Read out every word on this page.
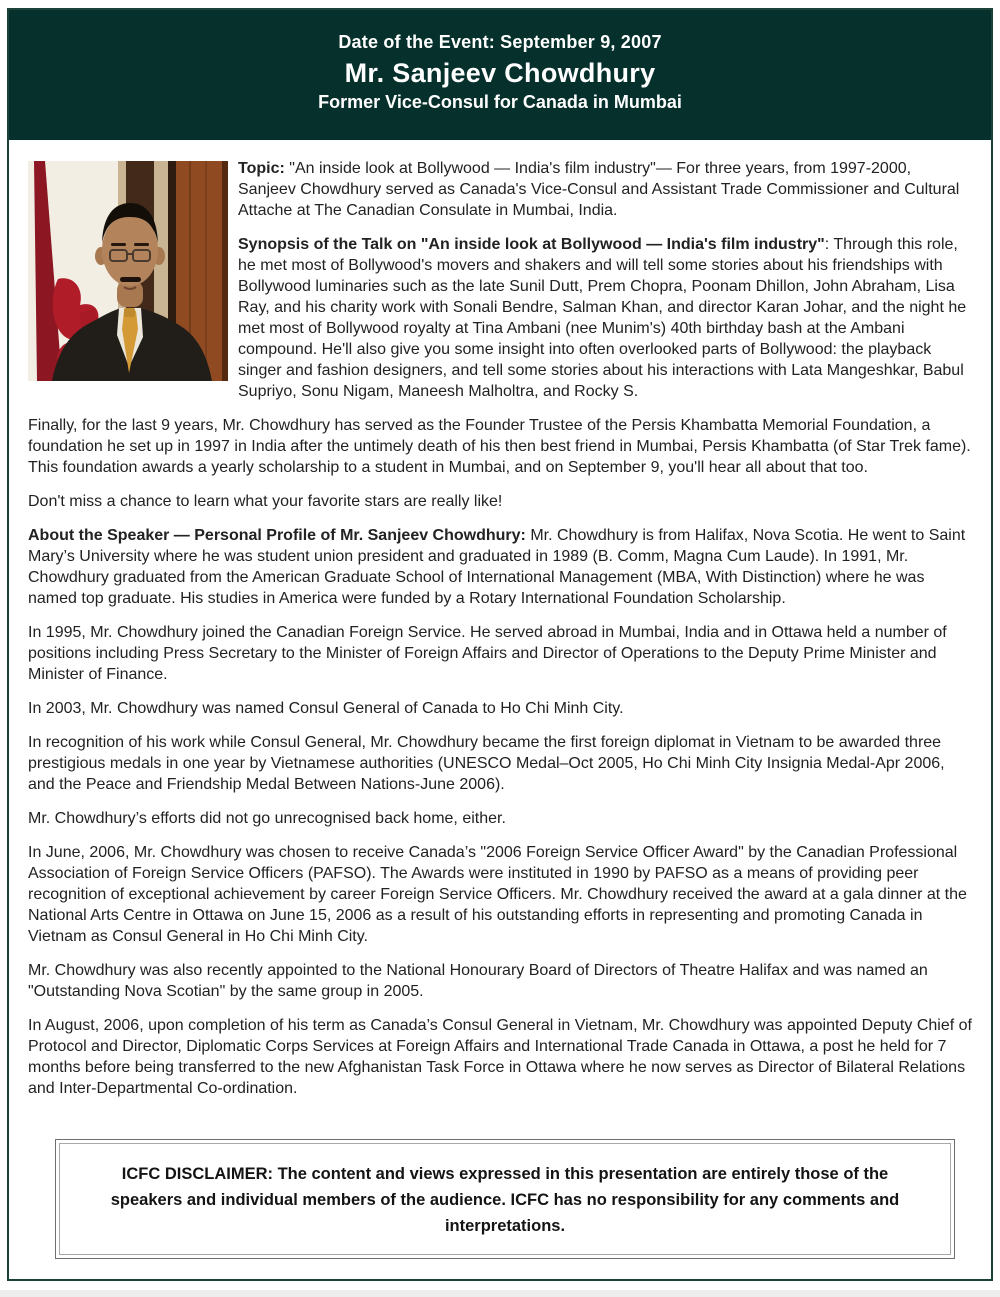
Date of the Event: September 9, 2007
Mr. Sanjeev Chowdhury
Former Vice-Consul for Canada in Mumbai

Topic: "An inside look at Bollywood — India's film industry"— For three years, from 1997-2000, Sanjeev Chowdhury served as Canada's Vice-Consul and Assistant Trade Commissioner and Cultural Attache at The Canadian Consulate in Mumbai, India.

Synopsis of the Talk on "An inside look at Bollywood — India's film industry": Through this role, he met most of Bollywood's movers and shakers and will tell some stories about his friendships with Bollywood luminaries such as the late Sunil Dutt, Prem Chopra, Poonam Dhillon, John Abraham, Lisa Ray, and his charity work with Sonali Bendre, Salman Khan, and director Karan Johar, and the night he met most of Bollywood royalty at Tina Ambani (nee Munim's) 40th birthday bash at the Ambani compound. He'll also give you some insight into often overlooked parts of Bollywood: the playback singer and fashion designers, and tell some stories about his interactions with Lata Mangeshkar, Babul Supriyo, Sonu Nigam, Maneesh Malholtra, and Rocky S.

Finally, for the last 9 years, Mr. Chowdhury has served as the Founder Trustee of the Persis Khambatta Memorial Foundation, a foundation he set up in 1997 in India after the untimely death of his then best friend in Mumbai, Persis Khambatta (of Star Trek fame). This foundation awards a yearly scholarship to a student in Mumbai, and on September 9, you'll hear all about that too.

Don't miss a chance to learn what your favorite stars are really like!

About the Speaker — Personal Profile of Mr. Sanjeev Chowdhury: Mr. Chowdhury is from Halifax, Nova Scotia. He went to Saint Mary’s University where he was student union president and graduated in 1989 (B. Comm, Magna Cum Laude). In 1991, Mr. Chowdhury graduated from the American Graduate School of International Management (MBA, With Distinction) where he was named top graduate. His studies in America were funded by a Rotary International Foundation Scholarship.

In 1995, Mr. Chowdhury joined the Canadian Foreign Service. He served abroad in Mumbai, India and in Ottawa held a number of positions including Press Secretary to the Minister of Foreign Affairs and Director of Operations to the Deputy Prime Minister and Minister of Finance.

In 2003, Mr. Chowdhury was named Consul General of Canada to Ho Chi Minh City.

In recognition of his work while Consul General, Mr. Chowdhury became the first foreign diplomat in Vietnam to be awarded three prestigious medals in one year by Vietnamese authorities (UNESCO Medal–Oct 2005, Ho Chi Minh City Insignia Medal-Apr 2006, and the Peace and Friendship Medal Between Nations-June 2006).

Mr. Chowdhury’s efforts did not go unrecognised back home, either.

In June, 2006, Mr. Chowdhury was chosen to receive Canada’s "2006 Foreign Service Officer Award" by the Canadian Professional Association of Foreign Service Officers (PAFSO). The Awards were instituted in 1990 by PAFSO as a means of providing peer recognition of exceptional achievement by career Foreign Service Officers. Mr. Chowdhury received the award at a gala dinner at the National Arts Centre in Ottawa on June 15, 2006 as a result of his outstanding efforts in representing and promoting Canada in Vietnam as Consul General in Ho Chi Minh City.

Mr. Chowdhury was also recently appointed to the National Honourary Board of Directors of Theatre Halifax and was named an "Outstanding Nova Scotian" by the same group in 2005.

In August, 2006, upon completion of his term as Canada’s Consul General in Vietnam, Mr. Chowdhury was appointed Deputy Chief of Protocol and Director, Diplomatic Corps Services at Foreign Affairs and International Trade Canada in Ottawa, a post he held for 7 months before being transferred to the new Afghanistan Task Force in Ottawa where he now serves as Director of Bilateral Relations and Inter-Departmental Co-ordination.

ICFC DISCLAIMER: The content and views expressed in this presentation are entirely those of the speakers and individual members of the audience. ICFC has no responsibility for any comments and interpretations.
